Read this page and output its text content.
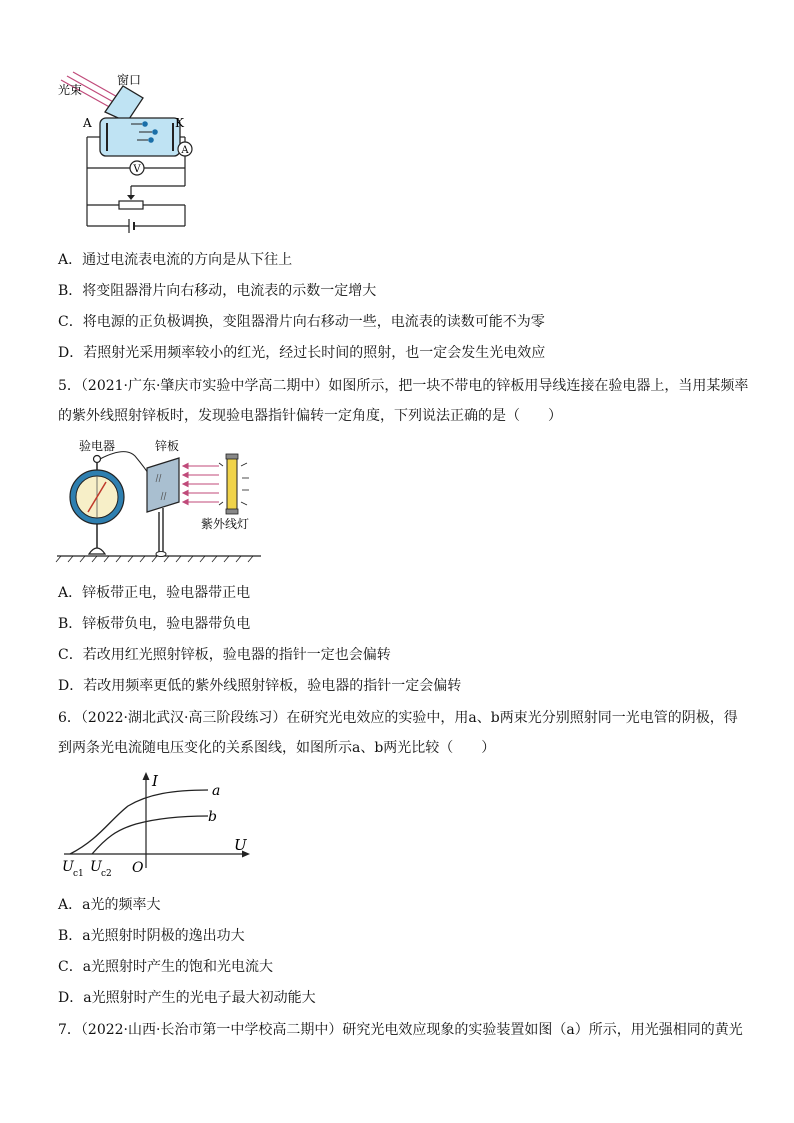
光束
窗口
A	K
A
V
A．通过电流表电流的方向是从下往上
B．将变阻器滑片向右移动，电流表的示数一定增大
C．将电源的正负极调换，变阻器滑片向右移动一些，电流表的读数可能不为零
D．若照射光采用频率较小的红光，经过长时间的照射，也一定会发生光电效应
5．（2021·广东·肇庆市实验中学高二期中）如图所示，把一块不带电的锌板用导线连接在验电器上，当用某频率
的紫外线照射锌板时，发现验电器指针偏转一定角度，下列说法正确的是（　　）
验电器	锌板
紫外线灯
A．锌板带正电，验电器带正电
B．锌板带负电，验电器带负电
C．若改用红光照射锌板，验电器的指针一定也会偏转
D．若改用频率更低的紫外线照射锌板，验电器的指针一定会偏转
6．（2022·湖北武汉·高三阶段练习）在研究光电效应的实验中，用a、b两束光分别照射同一光电管的阴极，得
到两条光电流随电压变化的关系图线，如图所示a、b两光比较（　　）
I
U
O
a
b
U c1 U c2
A．a光的频率大
B．a光照射时阴极的逸出功大
C．a光照射时产生的饱和光电流大
D．a光照射时产生的光电子最大初动能大
7．（2022·山西·长治市第一中学校高二期中）研究光电效应现象的实验装置如图（a）所示，用光强相同的黄光
